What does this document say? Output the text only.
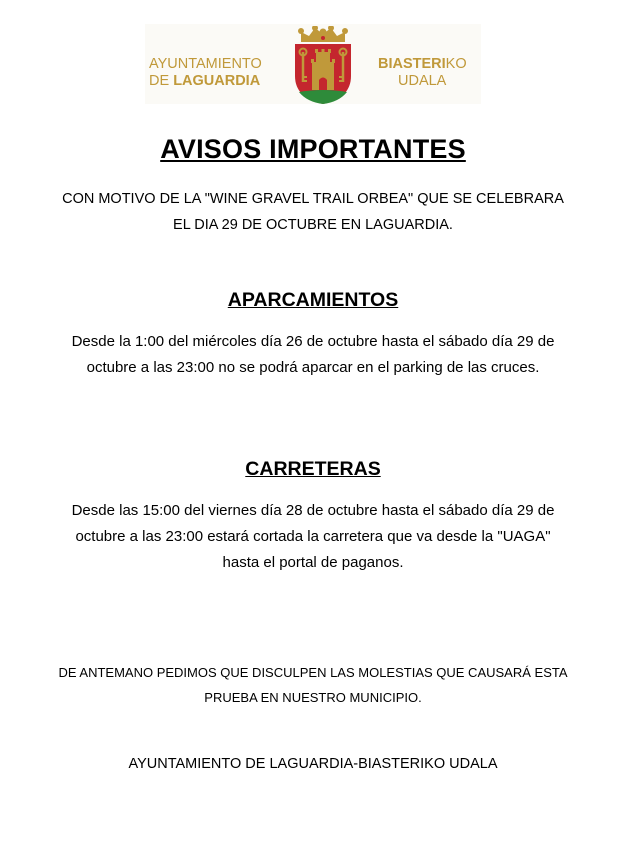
AYUNTAMIENTO
DE LAGUARDIA
BIASTERIKO
UDALA
AVISOS IMPORTANTES
CON MOTIVO DE LA "WINE GRAVEL TRAIL ORBEA" QUE SE CELEBRARA EL DIA 29 DE OCTUBRE EN LAGUARDIA.
APARCAMIENTOS
Desde la 1:00 del miércoles día 26 de octubre hasta el sábado día 29 de octubre a las 23:00 no se podrá aparcar en el parking de las cruces.
CARRETERAS
Desde las 15:00 del viernes día 28 de octubre hasta el sábado día 29 de octubre a las 23:00 estará cortada la carretera que va desde la "UAGA" hasta el portal de paganos.
DE ANTEMANO PEDIMOS QUE DISCULPEN LAS MOLESTIAS QUE CAUSARÁ ESTA PRUEBA EN NUESTRO MUNICIPIO.
AYUNTAMIENTO DE LAGUARDIA-BIASTERIKO UDALA
